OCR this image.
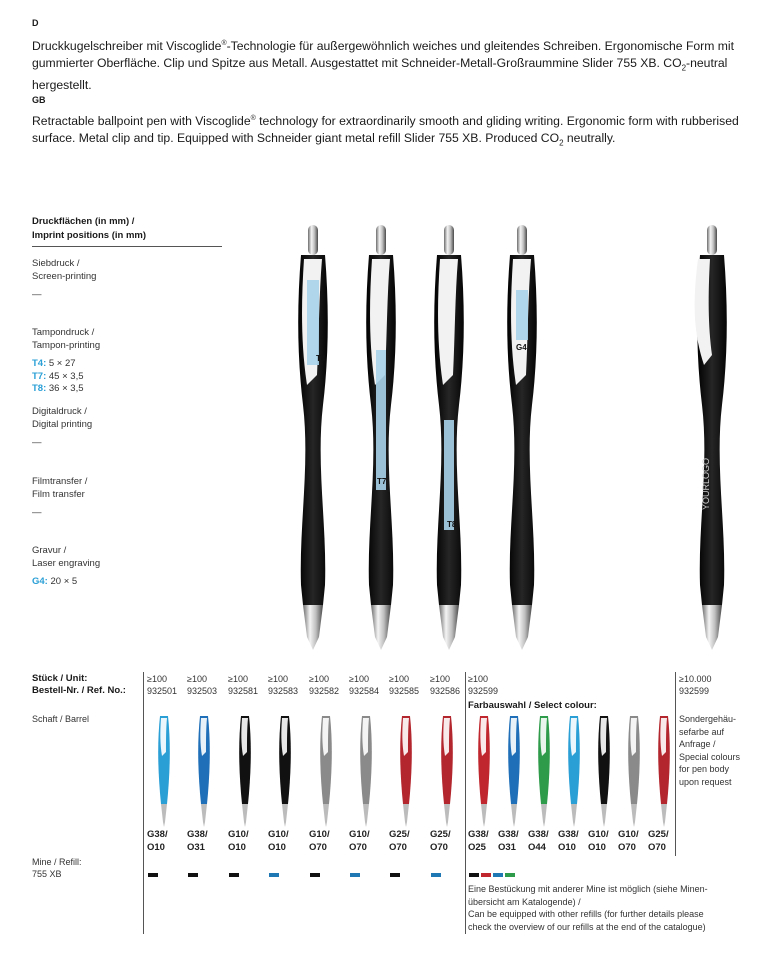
D
Druckkugelschreiber mit Viscoglide®-Technologie für außergewöhnlich weiches und gleitendes Schreiben. Ergonomische Form mit gummierter Oberfläche. Clip und Spitze aus Metall. Ausgestattet mit Schneider-Metall-Großraummine Slider 755 XB. $CO_2$-neutral hergestellt.
GB
Retractable ballpoint pen with Viscoglide® technology for extraordinarily smooth and gliding writing. Ergonomic form with rubberised surface. Metal clip and tip. Equipped with Schneider giant metal refill Slider 755 XB. Produced $CO_2$ neutrally.
Druckflächen (in mm) /
Imprint positions (in mm)
Siebdruck /
Screen-printing
—
Tampondruck /
Tampon-printing
T4: 5 × 27
T7: 45 × 3,5
T8: 36 × 3,5
Digitaldruck /
Digital printing
—
Filmtransfer /
Film transfer
—
Gravur /
Laser engraving
G4: 20 × 5
T4
T7
T8
G4
YOURLOGO
Stück / Unit:
Bestell-Nr. / Ref. No.:
Schaft / Barrel
Mine / Refill:
755 XB
≥100
932501
G38/
O10
≥100
932503
G38/
O31
≥100
932581
G10/
O10
≥100
932583
G10/
O10
≥100
932582
G10/
O70
≥100
932584
G10/
O70
≥100
932585
G25/
O70
≥100
932586
G25/
O70
≥100
932599
G38/
O25
G38/
O31
G38/
O44
G38/
O10
G10/
O10
G10/
O70
G25/
O70
Farbauswahl / Select colour:
≥10.000
932599
Sondergehäu-
sefarbe auf
Anfrage /
Special colours
for pen body
upon request
Eine Bestückung mit anderer Mine ist möglich (siehe Minen-
übersicht am Katalogende) /
Can be equipped with other refills (for further details please
check the overview of our refills at the end of the catalogue)
